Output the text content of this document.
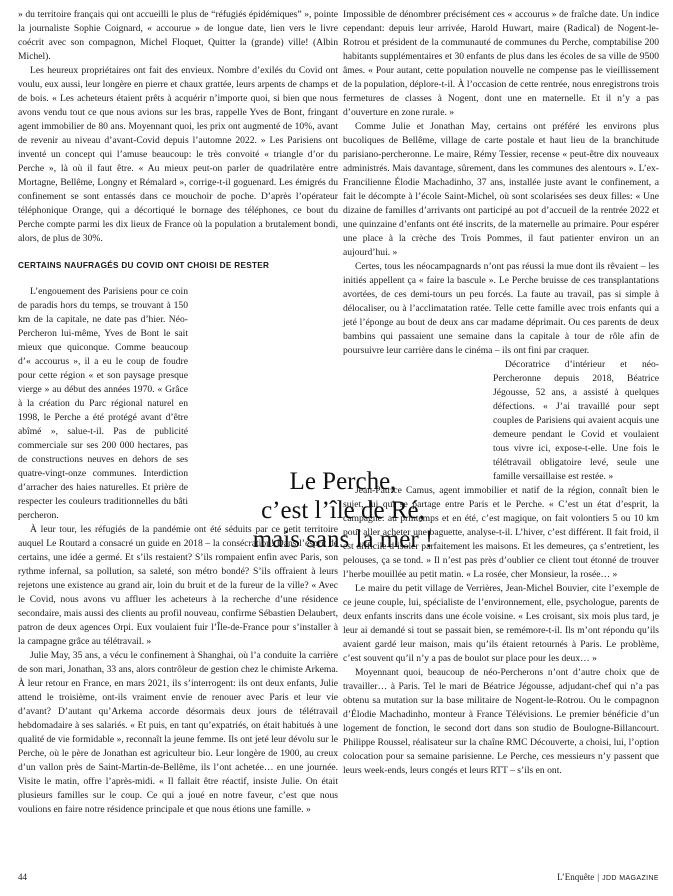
» du territoire français qui ont accueilli le plus de “réfugiés épidémiques” », pointe la journaliste Sophie Coignard, « accourue » de longue date, lien vers le livre coécrit avec son compagnon, Michel Floquet, Quitter la (grande) ville! (Albin Michel).

Les heureux propriétaires ont fait des envieux. Nombre d’exilés du Covid ont voulu, eux aussi, leur longère en pierre et chaux grattée, leurs arpents de champs et de bois. « Les acheteurs étaient prêts à acquérir n’importe quoi, si bien que nous avons vendu tout ce que nous avions sur les bras, rappelle Yves de Bont, fringant agent immobilier de 80 ans. Moyennant quoi, les prix ont augmenté de 10%, avant de revenir au niveau d’avant-Covid depuis l’automne 2022. » Les Parisiens ont inventé un concept qui l’amuse beaucoup: le très convoité « triangle d’or du Perche », là où il faut être. « Au mieux peut-on parler de quadrilatère entre Mortagne, Bellême, Longny et Rémalard », corrige-t-il goguenard. Les émigrés du confinement se sont entassés dans ce mouchoir de poche. D’après l’opérateur téléphonique Orange, qui a décortiqué le bornage des téléphones, ce bout du Perche compte parmi les dix lieux de France où la population a brutalement bondi, alors, de plus de 30%.

CERTAINS NAUFRAGÉS DU COVID ONT CHOISI DE RESTER

L’engouement des Parisiens pour ce coin de paradis hors du temps, se trouvant à 150 km de la capitale, ne date pas d’hier. Néo-Percheron lui-même, Yves de Bont le sait mieux que quiconque. Comme beaucoup d’« accourus », il a eu le coup de foudre pour cette région « et son paysage presque vierge » au début des années 1970. « Grâce à la création du Parc régional naturel en 1998, le Perche a été protégé avant d’être abîmé », salue-t-il. Pas de publicité commerciale sur ses 200 000 hectares, pas de constructions neuves en dehors de ses quatre-vingt-onze communes. Interdiction d’arracher des haies naturelles. Et prière de respecter les couleurs traditionnelles du bâti percheron.

À leur tour, les réfugiés de la pandémie ont été séduits par ce petit territoire auquel Le Routard a consacré un guide en 2018 – la consécration! Dans l’esprit de certains, une idée a germé. Et s’ils restaient? S’ils rompaient enfin avec Paris, son rythme infernal, sa pollution, sa saleté, son métro bondé? S’ils offraient à leurs rejetons une existence au grand air, loin du bruit et de la fureur de la ville? « Avec le Covid, nous avons vu affluer les acheteurs à la recherche d’une résidence secondaire, mais aussi des clients au profil nouveau, confirme Sébastien Delaubert, patron de deux agences Orpi. Eux voulaient fuir l’Île-de-France pour s’installer à la campagne grâce au télétravail. »

Julie May, 35 ans, a vécu le confinement à Shanghai, où l’a conduite la carrière de son mari, Jonathan, 33 ans, alors contrôleur de gestion chez le chimiste Arkema. À leur retour en France, en mars 2021, ils s’interrogent: ils ont deux enfants, Julie attend le troisième, ont-ils vraiment envie de renouer avec Paris et leur vie d’avant? D’autant qu’Arkema accorde désormais deux jours de télétravail hebdomadaire à ses salariés. « Et puis, en tant qu’expatriés, on était habitués à une qualité de vie formidable », reconnaît la jeune femme. Ils ont jeté leur dévolu sur le Perche, où le père de Jonathan est agriculteur bio. Leur longère de 1900, au creux d’un vallon près de Saint-Martin-de-Bellême, ils l’ont achetée… en une journée. Visite le matin, offre l’après-midi. « Il fallait être réactif, insiste Julie. On était plusieurs familles sur le coup. Ce qui a joué en notre faveur, c’est que nous voulions en faire notre résidence principale et que nous étions une famille. »

Impossible de dénombrer précisément ces « accourus » de fraîche date. Un indice cependant: depuis leur arrivée, Harold Huwart, maire (Radical) de Nogent-le-Rotrou et président de la communauté de communes du Perche, comptabilise 200 habitants supplémentaires et 30 enfants de plus dans les écoles de sa ville de 9500 âmes. « Pour autant, cette population nouvelle ne compense pas le vieillissement de la population, déplore-t-il. À l’occasion de cette rentrée, nous enregistrons trois fermetures de classes à Nogent, dont une en maternelle. Et il n’y a pas d’ouverture en zone rurale. »

Comme Julie et Jonathan May, certains ont préféré les environs plus bucoliques de Bellême, village de carte postale et haut lieu de la branchitude parisiano-percheronne. Le maire, Rémy Tessier, recense « peut-être dix nouveaux administrés. Mais davantage, sûrement, dans les communes des alentours ». L’ex-Francilienne Élodie Machadinho, 37 ans, installée juste avant le confinement, a fait le décompte à l’école Saint-Michel, où sont scolarisées ses deux filles: « Une dizaine de familles d’arrivants ont participé au pot d’accueil de la rentrée 2022 et une quinzaine d’enfants ont été inscrits, de la maternelle au primaire. Pour espérer une place à la crèche des Trois Pommes, il faut patienter environ un an aujourd’hui. »

Certes, tous les néocampagnards n’ont pas réussi la mue dont ils rêvaient – les initiés appellent ça « faire la bascule ». Le Perche bruisse de ces transplantations avortées, de ces demi-tours un peu forcés. La faute au travail, pas si simple à délocaliser, ou à l’acclimatation ratée. Telle cette famille avec trois enfants qui a jeté l’éponge au bout de deux ans car madame déprimait. Ou ces parents de deux bambins qui passaient une semaine dans la capitale à tour de rôle afin de poursuivre leur carrière dans le cinéma – ils ont fini par craquer.

Décoratrice d’intérieur et néo-Percheronne depuis 2018, Béatrice Jégousse, 52 ans, a assisté à quelques défections. « J’ai travaillé pour sept couples de Parisiens qui avaient acquis une demeure pendant le Covid et voulaient tous vivre ici, expose-t-elle. Une fois le télétravail obligatoire levé, seule une famille versaillaise est restée. »

Jean-Patrice Camus, agent immobilier et natif de la région, connaît bien le sujet, lui qui se partage entre Paris et le Perche. « C’est un état d’esprit, la campagne: au printemps et en été, c’est magique, on fait volontiers 5 ou 10 km pour aller acheter une baguette, analyse-t-il. L’hiver, c’est différent. Il fait froid, il est difficile d’isoler parfaitement les maisons. Et les demeures, ça s’entretient, les pelouses, ça se tond. » Il n’est pas près d’oublier ce client tout étonné de trouver l’herbe mouillée au petit matin. « La rosée, cher Monsieur, la rosée… »

Le maire du petit village de Verrières, Jean-Michel Bouvier, cite l’exemple de ce jeune couple, lui, spécialiste de l’environnement, elle, psychologue, parents de deux enfants inscrits dans une école voisine. « Les croisant, six mois plus tard, je leur ai demandé si tout se passait bien, se remémore-t-il. Ils m’ont répondu qu’ils avaient gardé leur maison, mais qu’ils étaient retournés à Paris. Le problème, c’est souvent qu’il n’y a pas de boulot sur place pour les deux… »

Moyennant quoi, beaucoup de néo-Percherons n’ont d’autre choix que de travailler… à Paris. Tel le mari de Béatrice Jégousse, adjudant-chef qui n’a pas obtenu sa mutation sur la base militaire de Nogent-le-Rotrou. Ou le compagnon d’Élodie Machadinho, monteur à France Télévisions. Le premier bénéficie d’un logement de fonction, le second dort dans son studio de Boulogne-Billancourt. Philippe Roussel, réalisateur sur la chaîne RMC Découverte, a choisi, lui, l’option colocation pour sa semaine parisienne. Le Perche, ces messieurs n’y passent que leurs week-ends, leurs congés et leurs RTT – s’ils en ont.

Le Perche,
c’est l’île de Ré,
mais sans la mer !
44	L’Enquête | JDD MAGAZINE
